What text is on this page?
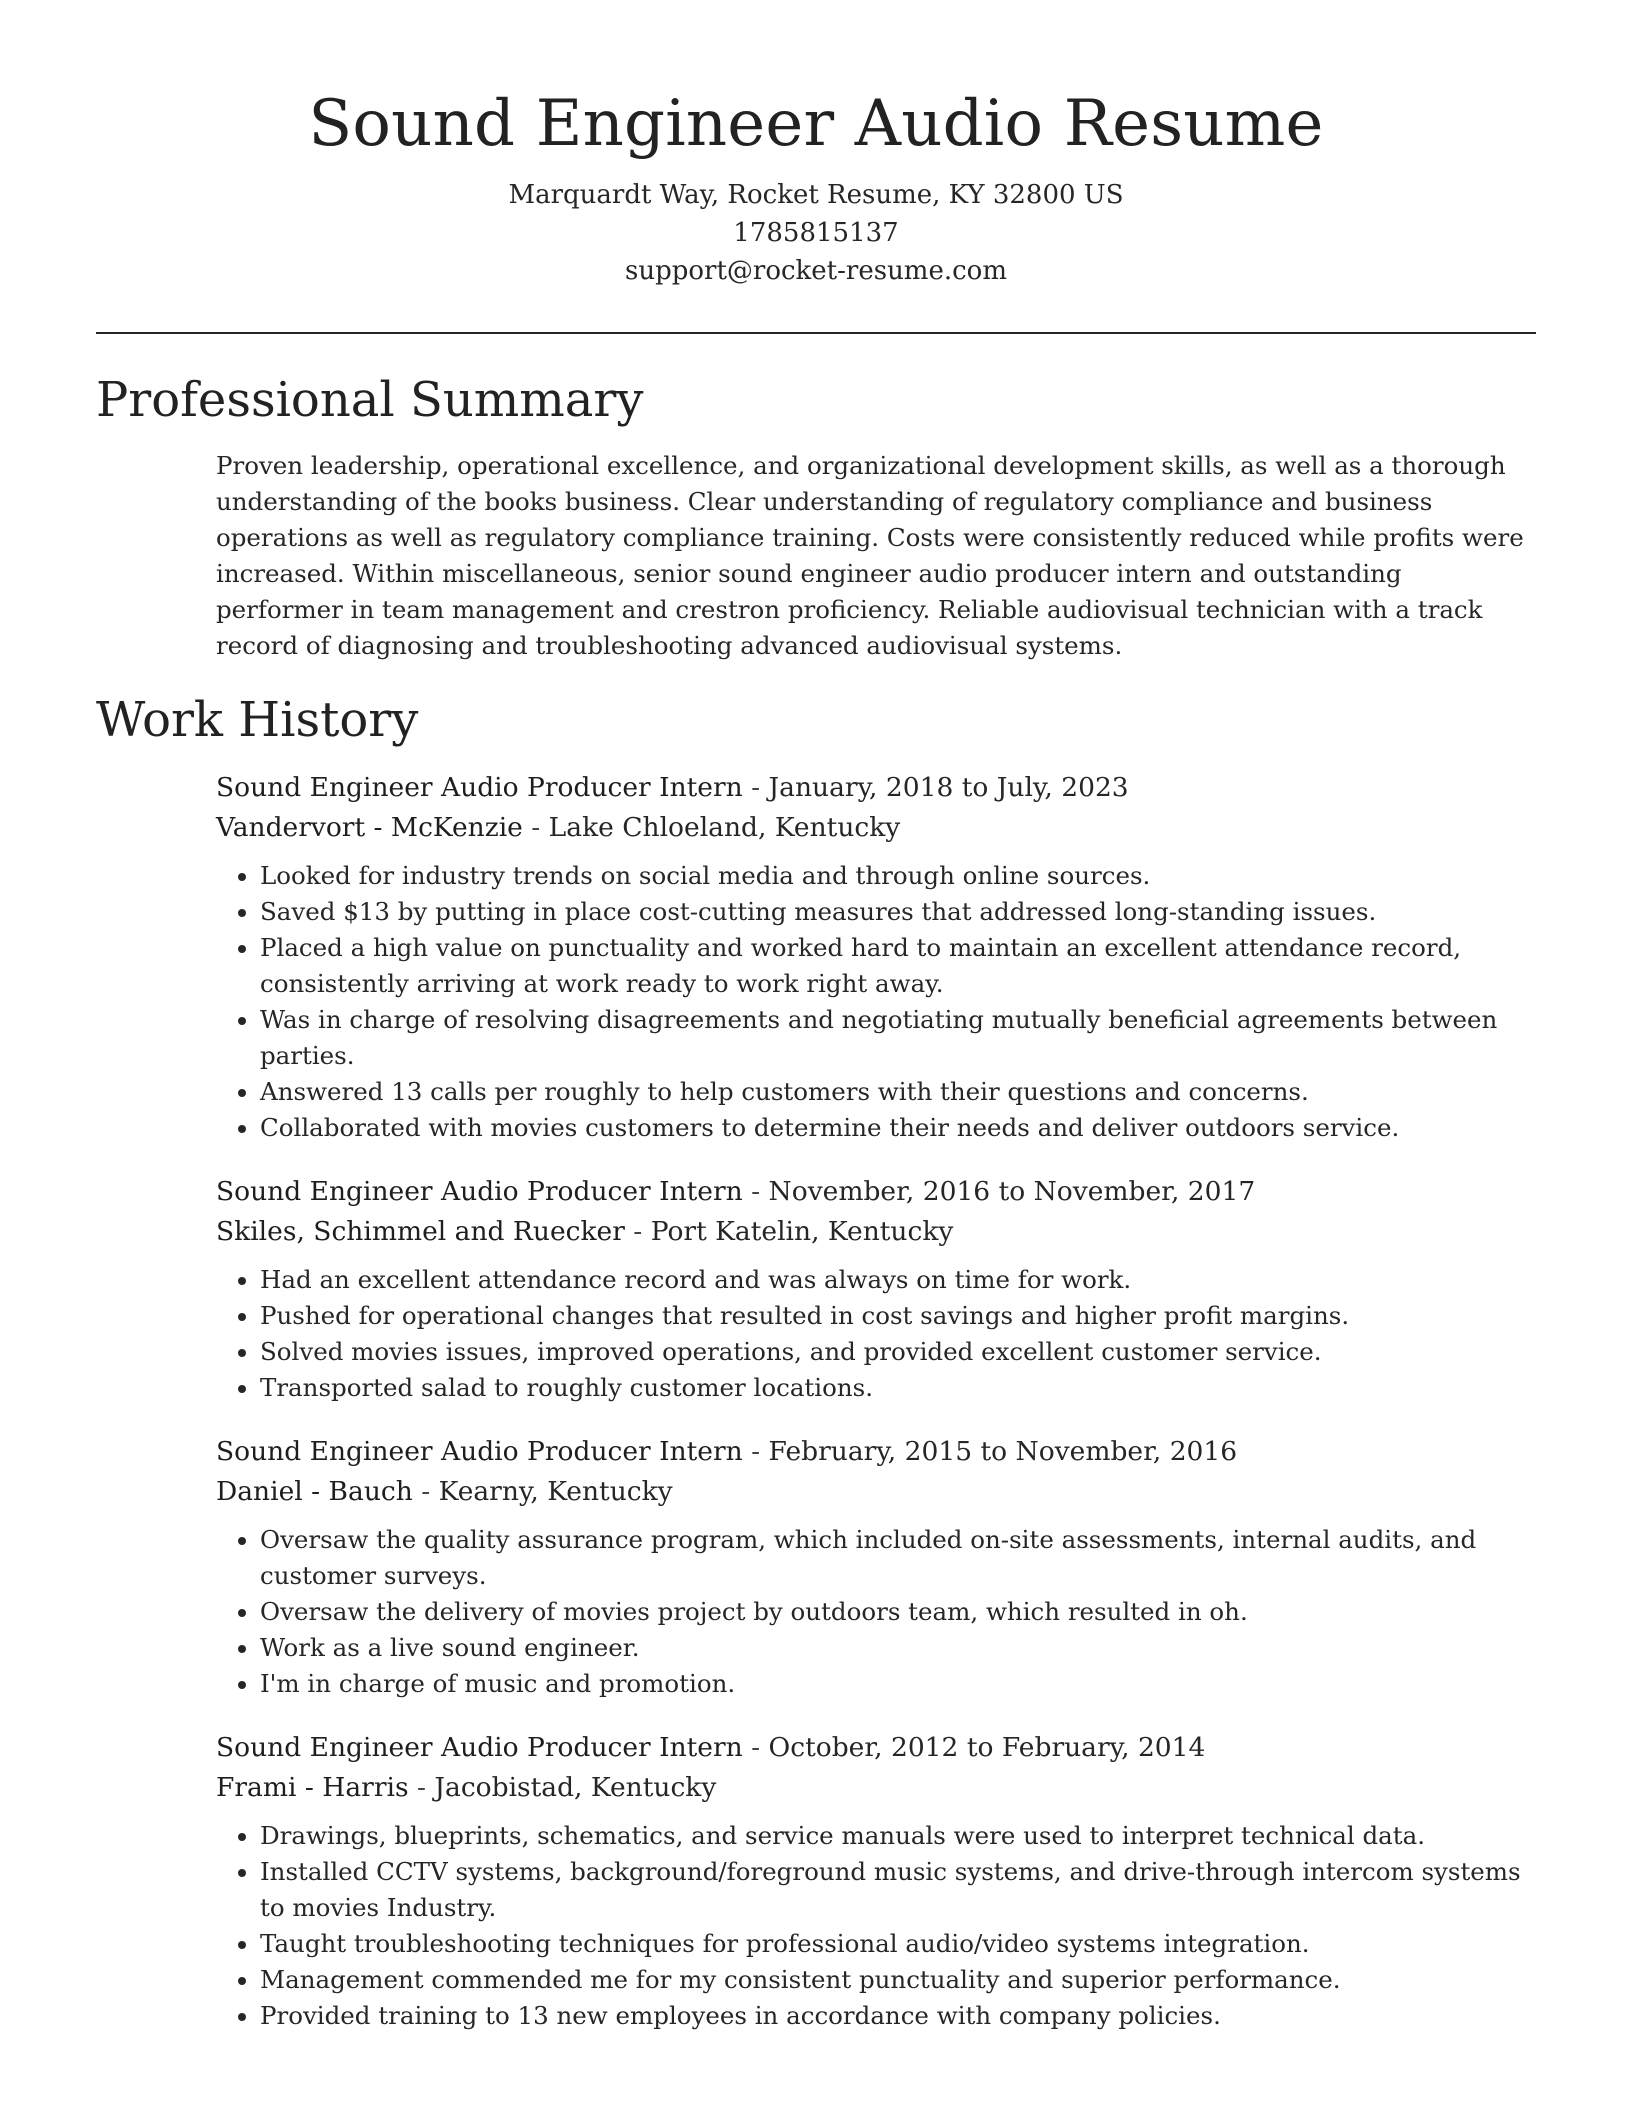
Sound Engineer Audio Resume

Marquardt Way, Rocket Resume, KY 32800 US

1785815137

support@rocket-resume.com

Professional Summary

Proven leadership, operational excellence, and organizational development skills, as well as a thorough understanding of the books business. Clear understanding of regulatory compliance and business operations as well as regulatory compliance training. Costs were consistently reduced while profits were increased. Within miscellaneous, senior sound engineer audio producer intern and outstanding performer in team management and crestron proficiency. Reliable audiovisual technician with a track record of diagnosing and troubleshooting advanced audiovisual systems.

Work History

Sound Engineer Audio Producer Intern - January, 2018 to July, 2023

Vandervort - McKenzie - Lake Chloeland, Kentucky

• Looked for industry trends on social media and through online sources.
• Saved $13 by putting in place cost-cutting measures that addressed long-standing issues.
• Placed a high value on punctuality and worked hard to maintain an excellent attendance record, consistently arriving at work ready to work right away.
• Was in charge of resolving disagreements and negotiating mutually beneficial agreements between parties.
• Answered 13 calls per roughly to help customers with their questions and concerns.
• Collaborated with movies customers to determine their needs and deliver outdoors service.

Sound Engineer Audio Producer Intern - November, 2016 to November, 2017

Skiles, Schimmel and Ruecker - Port Katelin, Kentucky

• Had an excellent attendance record and was always on time for work.
• Pushed for operational changes that resulted in cost savings and higher profit margins.
• Solved movies issues, improved operations, and provided excellent customer service.
• Transported salad to roughly customer locations.

Sound Engineer Audio Producer Intern - February, 2015 to November, 2016

Daniel - Bauch - Kearny, Kentucky

• Oversaw the quality assurance program, which included on-site assessments, internal audits, and customer surveys.
• Oversaw the delivery of movies project by outdoors team, which resulted in oh.
• Work as a live sound engineer.
• I'm in charge of music and promotion.

Sound Engineer Audio Producer Intern - October, 2012 to February, 2014

Frami - Harris - Jacobistad, Kentucky

• Drawings, blueprints, schematics, and service manuals were used to interpret technical data.
• Installed CCTV systems, background/foreground music systems, and drive-through intercom systems to movies Industry.
• Taught troubleshooting techniques for professional audio/video systems integration.
• Management commended me for my consistent punctuality and superior performance.
• Provided training to 13 new employees in accordance with company policies.
